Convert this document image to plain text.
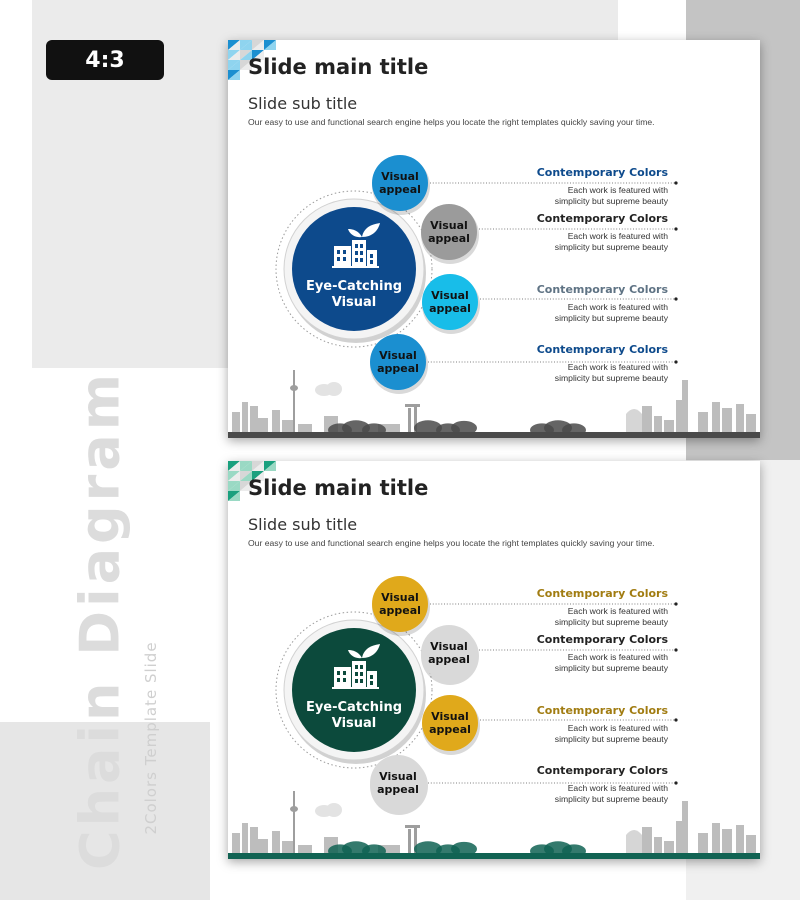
4:3
Chain Diagram 2Colors Template Slide
Slide main title
Slide sub title
Our easy to use and functional search engine helps you locate the right templates quickly saving your time.
Eye-Catching Visual
Visual
appeal
Visual
appeal
Visual
appeal
Visual
appeal
Contemporary Colors
Each work is featured with
simplicity but supreme beauty
Contemporary Colors
Each work is featured with
simplicity but supreme beauty
Contemporary Colors
Each work is featured with
simplicity but supreme beauty
Contemporary Colors
Each work is featured with
simplicity but supreme beauty
Slide main title
Slide sub title
Our easy to use and functional search engine helps you locate the right templates quickly saving your time.
Eye-Catching Visual
Visual
appeal
Visual
appeal
Visual
appeal
Visual
appeal
Contemporary Colors
Each work is featured with
simplicity but supreme beauty
Contemporary Colors
Each work is featured with
simplicity but supreme beauty
Contemporary Colors
Each work is featured with
simplicity but supreme beauty
Contemporary Colors
Each work is featured with
simplicity but supreme beauty
